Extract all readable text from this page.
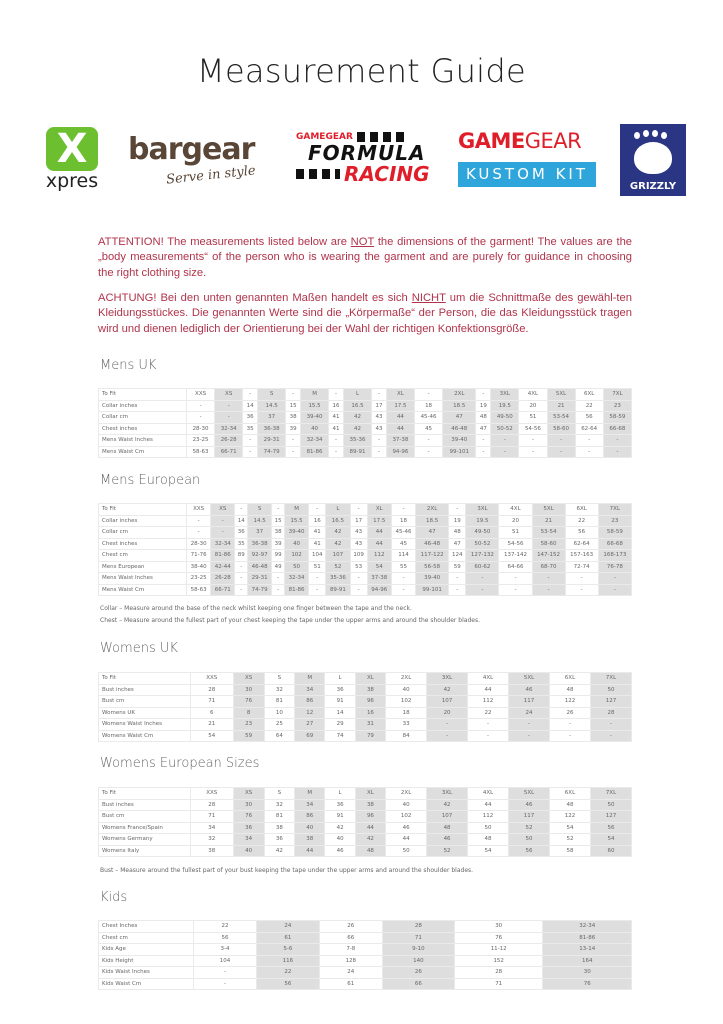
Measurement Guide
X
xpres
bargear
Serve in style
GAMEGEAR
FORMULA
RACING
GAMEGEAR
KUSTOM KIT
GRIZZLY

ATTENTION! The measurements listed below are NOT the dimensions of the garment! The values are the „body measurements“ of the person who is wearing the garment and are purely for guidance in choosing the right clothing size.

ACHTUNG! Bei den unten genannten Maßen handelt es sich NICHT um die Schnittmaße des gewähl-ten Kleidungsstückes. Die genannten Werte sind die „Körpermaße“ der Person, die das Kleidungsstück tragen wird und dienen lediglich der Orientierung bei der Wahl der richtigen Konfektionsgröße.

Mens UK
To Fit	XXS	XS	-	S	-	M	-	L	-	XL	-	2XL	-	3XL	4XL	5XL	6XL	7XL
Collar inches	-	-	14	14.5	15	15.5	16	16.5	17	17.5	18	18.5	19	19.5	20	21	22	23
Collar cm	-	-	36	37	38	39-40	41	42	43	44	45-46	47	48	49-50	51	53-54	56	58-59
Chest inches	28-30	32-34	35	36-38	39	40	41	42	43	44	45	46-48	47	50-52	54-56	58-60	62-64	66-68
Mens Waist Inches	23-25	26-28	-	29-31	-	32-34	-	35-36	-	37-38	-	39-40	-	-	-	-	-	-
Mens Waist Cm	58-63	66-71	-	74-79	-	81-86	-	89-91	-	94-96	-	99-101	-	-	-	-	-	-
Mens European
To Fit	XXS	XS	-	S	-	M	-	L	-	XL	-	2XL	-	3XL	4XL	5XL	6XL	7XL
Collar inches	-	-	14	14.5	15	15.5	16	16.5	17	17.5	18	18.5	19	19.5	20	21	22	23
Collar cm	-	-	36	37	38	39-40	41	42	43	44	45-46	47	48	49-50	51	53-54	56	58-59
Chest inches	28-30	32-34	35	36-38	39	40	41	42	43	44	45	46-48	47	50-52	54-56	58-60	62-64	66-68
Chest cm	71-76	81-86	89	92-97	99	102	104	107	109	112	114	117-122	124	127-132	137-142	147-152	157-163	168-173
Mens European	38-40	42-44	-	46-48	49	50	51	52	53	54	55	56-58	59	60-62	64-66	68-70	72-74	76-78
Mens Waist Inches	23-25	26-28	-	29-31	-	32-34	-	35-36	-	37-38	-	39-40	-	-	-	-	-	-
Mens Waist Cm	58-63	66-71	-	74-79	-	81-86	-	89-91	-	94-96	-	99-101	-	-	-	-	-	-
Collar – Measure around the base of the neck whilst keeping one finger between the tape and the neck.
Chest – Measure around the fullest part of your chest keeping the tape under the upper arms and around the shoulder blades.
Womens UK
To Fit	XXS	XS	S	M	L	XL	2XL	3XL	4XL	5XL	6XL	7XL
Bust inches	28	30	32	34	36	38	40	42	44	46	48	50
Bust cm	71	76	81	86	91	96	102	107	112	117	122	127
Womens UK	6	8	10	12	14	16	18	20	22	24	26	28
Womens Waist Inches	21	23	25	27	29	31	33	-	-	-	-	-
Womens Waist Cm	54	59	64	69	74	79	84	-	-	-	-	-
Womens European Sizes
To Fit	XXS	XS	S	M	L	XL	2XL	3XL	4XL	5XL	6XL	7XL
Bust inches	28	30	32	34	36	38	40	42	44	46	48	50
Bust cm	71	76	81	86	91	96	102	107	112	117	122	127
Womens France/Spain	34	36	38	40	42	44	46	48	50	52	54	56
Womens Germany	32	34	36	38	40	42	44	46	48	50	52	54
Womens Italy	38	40	42	44	46	48	50	52	54	56	58	60
Bust – Measure around the fullest part of your bust keeping the tape under the upper arms and around the shoulder blades.
Kids
Chest Inches	22	24	26	28	30	32-34
Chest cm	56	61	66	71	76	81-86
Kids Age	3-4	5-6	7-8	9-10	11-12	13-14
Kids Height	104	116	128	140	152	164
Kids Waist Inches	-	22	24	26	28	30
Kids Waist Cm	-	56	61	66	71	76
